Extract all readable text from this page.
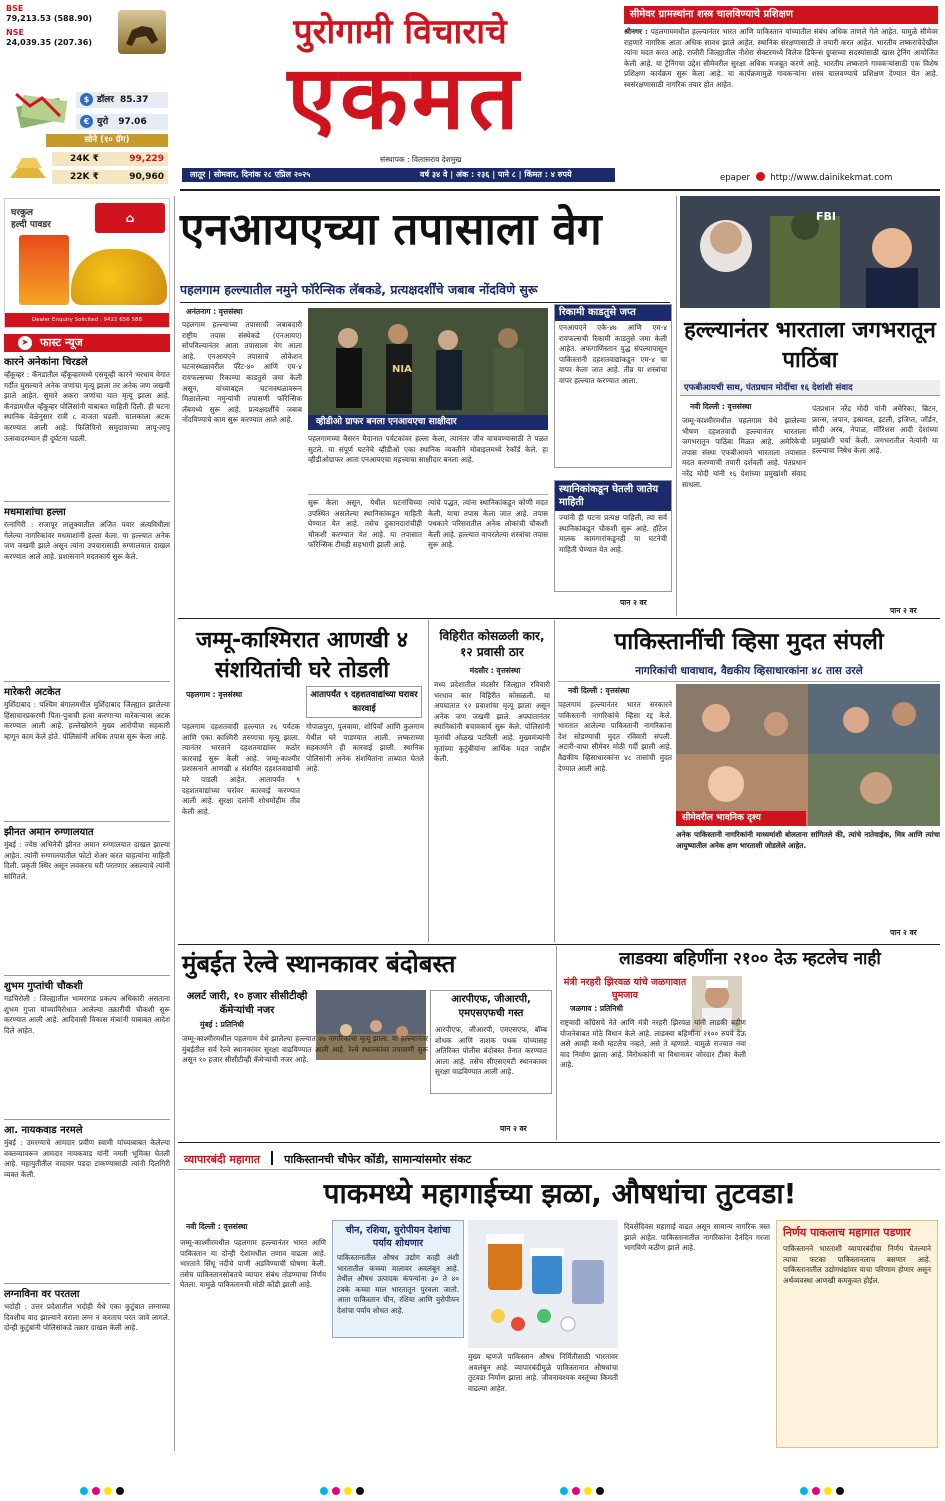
BSE
79,213.53 (588.90)
NSE
24,039.35 (207.36)
$ डॉलर 85.37
€ युरो 97.06
सोने (१० ग्रॅम)
24K ₹	99,229
22K ₹	90,960
पुरोगामी विचाराचे
एकमत
संस्थापक : विलासराव देशमुख
लातूर | सोमवार, दिनांक २८ एप्रिल २०२५	वर्ष ३४ वे | अंक : २३६ | पाने ८ | किंमत : ४ रुपये
सीमेवर ग्रामस्थांना शस्त्र चालविण्याचे प्रशिक्षण
श्रीनगर : पहलगाममधील हल्ल्यानंतर भारत आणि पाकिस्तान यांच्यातील संबंध अधिक ताणले गेले आहेत. यामुळे सीमेवर राहणारे नागरिक आता अधिक सावध झाले आहेत. स्थानिक संरक्षणासाठी ते तयारी करत आहेत. भारतीय लष्कराचेदेखील त्यांना मदत करत आहे. राजौरी जिल्ह्यातील नौशेरा सेक्टरमध्ये विलेज डिफेन्स ग्रुप्सच्या सदस्यांसाठी खास ट्रेनिंग आयोजित केली आहे. या ट्रेनिंगचा उद्देश सीमेवरील सुरक्षा अधिक मजबूत करणे आहे. भारतीय लष्कराने गावकऱ्यांसाठी एक विशेष प्रशिक्षण कार्यक्रम सुरू केला आहे. या कार्यक्रमामुळे गावकऱ्यांना शस्त्र चालवण्याचे प्रशिक्षण देण्यात येत आहे. स्वसंरक्षणासाठी नागरिक तयार होत आहेत.
epaper http://www.dainikekmat.com
घरकुल
हल्दी पावडर	⌂
Dealer Enquiry Solicited : 9422 656 588
➤ फास्ट न्यूज
कारने अनेकांना चिरडले
व्हँकूव्हर : कॅनडातील व्हँकूव्हरमध्ये एसयूव्ही कारने भरधाव वेगात गर्दीत घुसल्याने अनेक जणांचा मृत्यू झाला तर अनेक जण जखमी झाले आहेत. सुमारे अकरा जणांचा यात मृत्यू झाला आहे. कॅनडामधील व्हँकूव्हर पोलिसांनी याबाबत माहिती दिली. ही घटना स्थानिक वेळेनुसार रात्री ८ वाजता घडली. चालकाला अटक करण्यात आली आहे. फिलिपिनो समुदायाच्या लापू-लापू उत्सवादरम्यान ही दुर्घटना घडली.
मधमाशांचा हल्ला
रत्नागिरी : राजापूर तालुक्यातील अजित पवार अंत्यविधीला गेलेल्या नागरिकांवर मधमाशांनी हल्ला केला. या हल्ल्यात अनेक जण जखमी झाले असून त्यांना उपचारासाठी रुग्णालयात दाखल करण्यात आले आहे. प्रशासनाने मदतकार्य सुरू केले.
मारेकरी अटकेत
मुर्शिदाबाद : पश्चिम बंगालमधील मुर्शिदाबाद जिल्ह्यात झालेल्या हिंसाचारप्रकरणी पिता-पुत्राची हत्या करणाऱ्या मारेकऱ्यास अटक करण्यात आली आहे. हल्लेखोराने मुख्य आरोपीचा सहकारी म्हणून काम केले होते. पोलिसांनी अधिक तपास सुरू केला आहे.
झीनत अमान रुग्णालयात
मुंबई : ज्येष्ठ अभिनेत्री झीनत अमान रुग्णालयात दाखल झाल्या आहेत. त्यांनी रुग्णालयातील फोटो शेअर करत चाहत्यांना माहिती दिली. प्रकृती स्थिर असून लवकरच घरी परतणार असल्याचे त्यांनी सांगितले.
शुभम गुप्तांची चौकशी
गडचिरोली : जिल्ह्यातील भामरागड प्रकल्प अधिकारी असताना शुभम गुप्ता यांच्याविरोधात आलेल्या तक्रारींची चौकशी सुरू करण्यात आली आहे. आदिवासी विकास मंत्र्यांनी याबाबत आदेश दिले आहेत.
आ. नायकवाड नरमले
मुंबई : उमरग्याचे आमदार प्रवीण स्वामी यांच्याबाबत केलेल्या वक्तव्यावरून आमदार नायकवाड यांनी नमती भूमिका घेतली आहे. महायुतीतील वादावर पडदा टाकण्यासाठी त्यांनी दिलगिरी व्यक्त केली.
लग्नाविना वर परतला
भदोही : उत्तर प्रदेशातील भदोही येथे एका कुटुंबात लग्नाच्या दिवशीच वाद झाल्याने वराला लग्न न करताच परत जावे लागले. दोन्ही कुटुंबांनी पोलिसांकडे तक्रार दाखल केली आहे.
एनआयएच्या तपासाला वेग
पहलगाम हल्ल्यातील नमुने फॉरेन्सिक लॅबकडे, प्रत्यक्षदर्शींचे जबाब नोंदविणे सुरू
अनंतनाग : वृत्तसंस्था
पहलगाम हल्ल्याच्या तपासाची जबाबदारी राष्ट्रीय तपास संस्थेकडे (एनआयए) सोपविल्यानंतर आता तपासाला वेग आला आहे. एनआयएने तपासाचे लोकेशन घटनास्थळावरील पॅरेंट-४० आणि एम-४ रायफल्सच्या रिकाम्या काडतुसे जमा केली असून, यांच्याबद्दल घटनास्थळावरून मिळालेल्या नमुन्यांची तपासणी फॉरेन्सिक लॅबमध्ये सुरू आहे. प्रत्यक्षदर्शींचे जबाब नोंदविण्याचे काम सुरू करण्यात आले आहे.
NIA
व्हीडीओ ग्राफर बनला एनआयएचा साक्षीदार
पहलगामच्या बैसरन मैदानात पर्यटकांवर हल्ला केला, त्यानंतर जीव वाचवण्यासाठी ते पळत सुटले. या संपूर्ण घटनेचे व्हीडीओ एका स्थानिक व्यक्तीने मोबाइलमध्ये रेकॉर्ड केले. हा व्हीडीओग्राफर आता एनआयएचा महत्त्वाचा साक्षीदार बनला आहे.
सुरू केला असून, येथील घटनांचिच्या उपस्थित असलेल्या स्थानिकांकडून माहिती घेण्यात येत आहे. तसेच दुकानदारांचीही चौकशी करण्यात येत आहे. या तपासात फॉरेन्सिक टीमही सहभागी झाली आहे.
त्यांचे पद्धत, त्यांना स्थानिकांकडून कोणी मदत केली, याचा तपास केला जात आहे. तपास पथकाने परिसरातील अनेक लोकांची चौकशी केली आहे. हल्ल्यात वापरलेल्या शस्त्रांचा तपास सुरू आहे.
रिकामी काडतुसे जप्त
एनआयएने एके-४७ आणि एम-४ रायफल्सची रिकामी काडतुसे जमा केली आहेत. अफगाणिस्तान युद्ध संपल्यापासून पाकिस्तानी दहशतवाद्यांकडून एम-४ चा वापर केला जात आहे. तीव्र या शस्त्रांचा वापर हल्ल्यात करण्यात आला.
स्थानिकांकडून घेतली जातेय माहिती
ज्यांनी ही घटना प्रत्यक्ष पाहिली, त्या सर्व स्थानिकांकडून चौकशी सुरू आहे. हॉटेल मालक कामगारांकडूनही या घटनेची माहिती घेण्यात येत आहे.
पान २ वर
FBI
हल्ल्यानंतर भारताला जगभरातून पाठिंबा
एफबीआयची साथ, पंतप्रधान मोदींचा १६ देशांशी संवाद
नवी दिल्ली : वृत्तसंस्था
जम्मू-काश्मीरमधील पहलगाम येथे झालेल्या भीषण दहशतवादी हल्ल्यानंतर भारताला जगभरातून पाठिंबा मिळत आहे. अमेरिकेची तपास संस्था एफबीआयने भारताला तपासात मदत करण्याची तयारी दर्शवली आहे. पंतप्रधान नरेंद्र मोदी यांनी १६ देशांच्या प्रमुखांशी संवाद साधला.
पंतप्रधान नरेंद्र मोदी यांनी अमेरिका, ब्रिटन, फ्रान्स, जपान, इस्रायल, इटली, इजिप्त, जॉर्डन, सौदी अरब, नेपाळ, मॉरिशस आदी देशांच्या प्रमुखांशी चर्चा केली. जगभरातील नेत्यांनी या हल्ल्याचा निषेध केला आहे.
पान २ वर
जम्मू-काश्मिरात आणखी ४ संशयितांची घरे तोडली
पहलगाम : वृत्तसंस्था	आतापर्यंत ९ दहशतवाद्यांच्या घरावर कारवाई
पहलगाम दहशतवादी हल्ल्यात २६ पर्यटक आणि एका काश्मिरी तरुणाचा मृत्यू झाला. त्यानंतर भारताने दहशतवाद्यांवर कठोर कारवाई सुरू केली आहे. जम्मू-काश्मीर प्रशासनाने आणखी ४ संशयित दहशतवाद्यांची घरे पाडली आहेत. आतापर्यंत ९ दहशतवाद्यांच्या घरांवर कारवाई करण्यात आली आहे. सुरक्षा दलांनी शोधमोहीम तीव्र केली आहे.
गोपाळपुरा, पुलवामा, शोपियाँ आणि कुलगाम येथील घरे पाडण्यात आली. लष्कराच्या सहकार्याने ही कारवाई झाली. स्थानिक पोलिसांनी अनेक संशयितांना ताब्यात घेतले आहे.
विहिरीत कोसळली कार, १२ प्रवासी ठार
मंदसौर : वृत्तसंस्था
मध्य प्रदेशातील मंदसौर जिल्ह्यात रविवारी भरधाव कार विहिरीत कोसळली. या अपघातात १२ प्रवाशांचा मृत्यू झाला असून अनेक जण जखमी झाले. अपघातानंतर स्थानिकांनी बचावकार्य सुरू केले. पोलिसांनी मृतांची ओळख पटविली आहे. मुख्यमंत्र्यांनी मृतांच्या कुटुंबीयांना आर्थिक मदत जाहीर केली.
पाकिस्तानींची व्हिसा मुदत संपली
नागरिकांची धावाधाव, वैद्यकीय व्हिसाधारकांना ४८ तास उरले
नवी दिल्ली : वृत्तसंस्था
पहलगाम हल्ल्यानंतर भारत सरकारने पाकिस्तानी नागरिकांचे व्हिसा रद्द केले. भारतात आलेल्या पाकिस्तानी नागरिकांना देश सोडण्याची मुदत रविवारी संपली. अटारी-वाघा सीमेवर मोठी गर्दी झाली आहे. वैद्यकीय व्हिसाधारकांना ४८ तासांची मुदत देण्यात आली आहे.
सीमेवरील भावनिक दृश्य
अनेक पाकिस्तानी नागरिकांनी माध्यमांशी बोलताना सांगितले की, त्यांचे नातेवाईक, मित्र आणि त्यांचा आयुष्यातील अनेक क्षण भारताशी जोडलेले आहेत.
पान २ वर
मुंबईत रेल्वे स्थानकावर बंदोबस्त
अलर्ट जारी, १० हजार सीसीटीव्ही कॅमेऱ्यांची नजर
मुंबई : प्रतिनिधी
आरपीएफ, जीआरपी, एमएसएफची गस्त
आरपीएफ, जीआरपी, एमएसएफ, बॉम्ब शोधक आणि नाशक पथक यांच्यासह अतिरिक्त पोलीस बंदोबस्त तैनात करण्यात आला आहे. तसेच सीएसएमटी स्थानकावर सुरक्षा वाढविण्यात आली आहे.
जम्मू-काश्मीरमधील पहलगाम येथे झालेल्या हल्ल्यात २७ नागरिकांचा मृत्यू झाला. या हल्ल्यानंतर मुंबईतील सर्व रेल्वे स्थानकांवर सुरक्षा वाढविण्यात आली आहे. रेल्वे स्थानकांवर तपासणी सुरू असून १० हजार सीसीटीव्ही कॅमेऱ्यांची नजर आहे.
पान २ वर
लाडक्या बहिणींना २१०० देऊ म्हटलेच नाही
मंत्री नरहरी झिरवळ यांचे जळगावात घुमजाव
जळगाव : प्रतिनिधी
राष्ट्रवादी काँग्रेसचे नेते आणि मंत्री नरहरी झिरवळ यांनी लाडकी बहीण योजनेबाबत मोठे विधान केले आहे. लाडक्या बहिणींना २१०० रुपये देऊ असे आम्ही कधी म्हटलेच नव्हते, असे ते म्हणाले. यामुळे राज्यात नवा वाद निर्माण झाला आहे. विरोधकांनी या विधानावर जोरदार टीका केली आहे.
व्यापारबंदी महागात पाकिस्तानची चौफेर कोंडी, सामान्यांसमोर संकट
पाकमध्ये महागाईच्या झळा, औषधांचा तुटवडा!
नवी दिल्ली : वृत्तसंस्था
जम्मू-काश्मीरमधील पहलगाम हल्ल्यानंतर भारत आणि पाकिस्तान या दोन्ही देशांमधील तणाव वाढला आहे. भारताने सिंधू नदीचे पाणी अडविण्याची घोषणा केली. तसेच पाकिस्तानसोबतचे व्यापार संबंध तोडण्याचा निर्णय घेतला. यामुळे पाकिस्तानची मोठी कोंडी झाली आहे.
चीन, रशिया, युरोपीयन देशांचा पर्याय शोधणार
पाकिस्तानातील औषध उद्योग काही अंशी भारतातील कच्च्या मालावर अवलंबून आहे. तेथील औषध उत्पादक कंपन्यांना ३० ते ४० टक्के कच्चा माल भारतातून पुरवला जातो. आता पाकिस्तान चीन, रशिया आणि युरोपीयन देशांचा पर्याय शोधत आहे.
मुख्य म्हणजे पाकिस्तान औषध निर्मितीसाठी भारतावर अवलंबून आहे. व्यापारबंदीमुळे पाकिस्तानात औषधांचा तुटवडा निर्माण झाला आहे. जीवनावश्यक वस्तूंच्या किमती वाढल्या आहेत.
दिवसेंदिवस महागाई वाढत असून सामान्य नागरिक त्रस्त झाले आहेत. पाकिस्तानातील नागरिकांना दैनंदिन गरजा भागविणे कठीण झाले आहे.
निर्णय पाकलाच महागात पडणार
पाकिस्तानने भारताशी व्यापारबंदीचा निर्णय घेतल्याने त्याचा फटका पाकिस्तानलाच बसणार आहे. पाकिस्तानातील उद्योगधंद्यांवर याचा परिणाम होणार असून अर्थव्यवस्था आणखी कमकुवत होईल.
